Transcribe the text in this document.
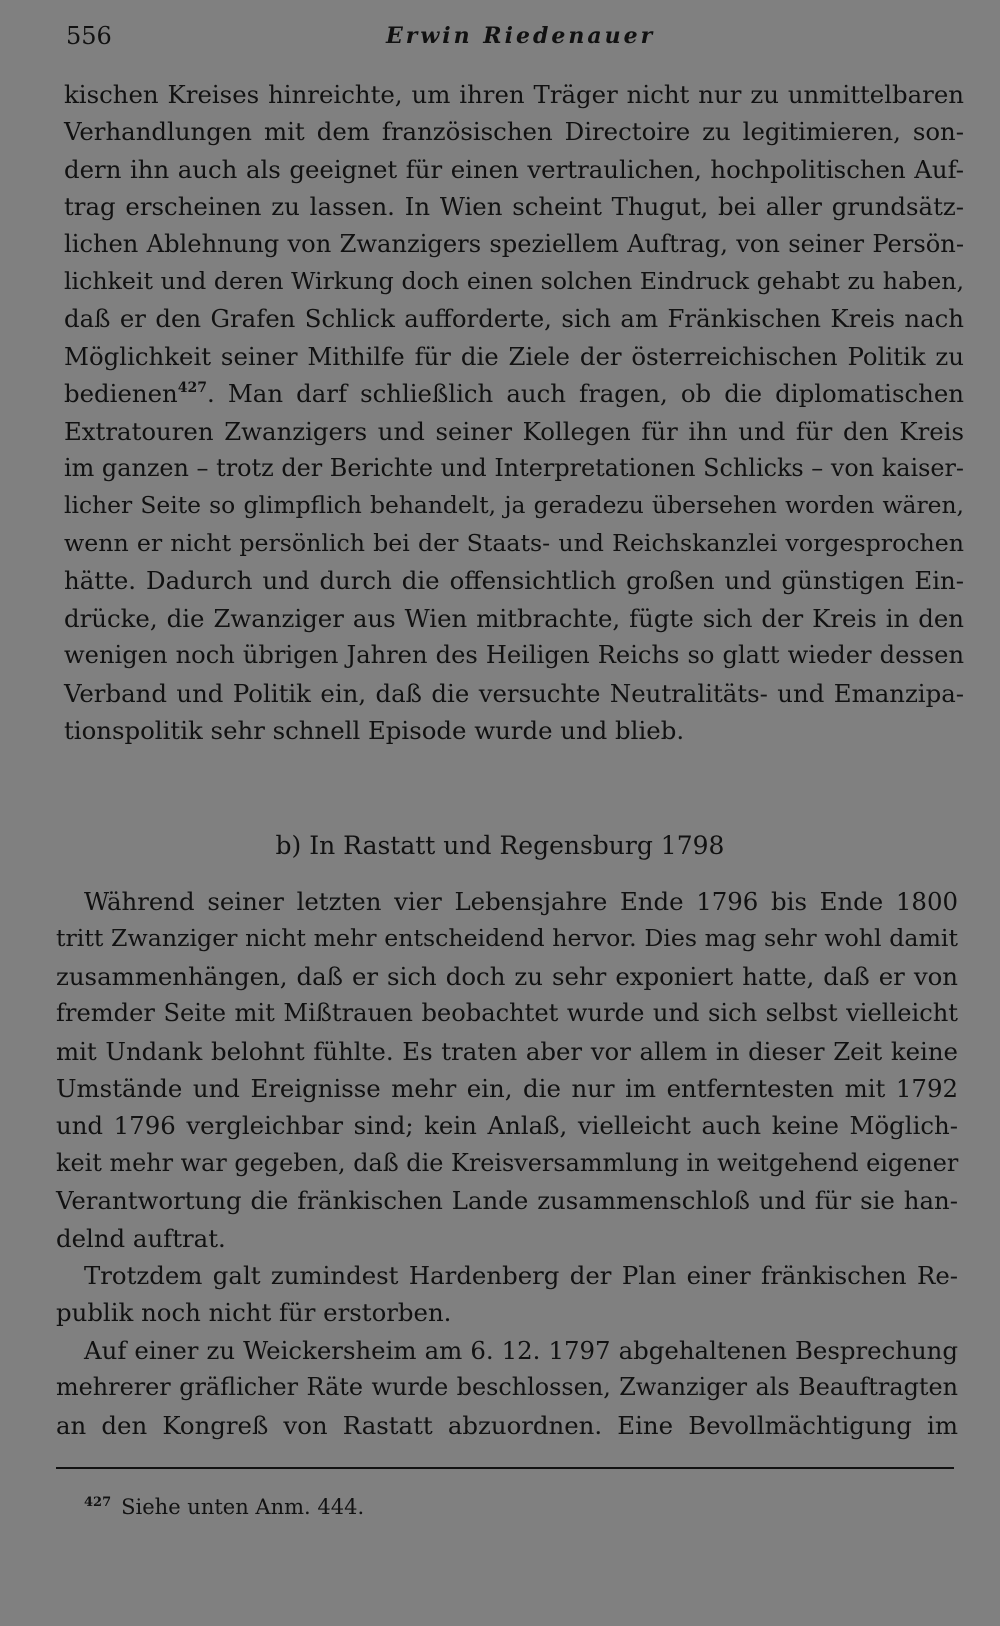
556	Erwin Riedenauer
kischen Kreises hinreichte, um ihren Träger nicht nur zu unmittelbaren
Verhandlungen mit dem französischen Directoire zu legitimieren, son-
dern ihn auch als geeignet für einen vertraulichen, hochpolitischen Auf-
trag erscheinen zu lassen. In Wien scheint Thugut, bei aller grundsätz-
lichen Ablehnung von Zwanzigers speziellem Auftrag, von seiner Persön-
lichkeit und deren Wirkung doch einen solchen Eindruck gehabt zu haben,
daß er den Grafen Schlick aufforderte, sich am Fränkischen Kreis nach
Möglichkeit seiner Mithilfe für die Ziele der österreichischen Politik zu
bedienen$^{427}$. Man darf schließlich auch fragen, ob die diplomatischen
Extratouren Zwanzigers und seiner Kollegen für ihn und für den Kreis
im ganzen – trotz der Berichte und Interpretationen Schlicks – von kaiser-
licher Seite so glimpflich behandelt, ja geradezu übersehen worden wären,
wenn er nicht persönlich bei der Staats- und Reichskanzlei vorgesprochen
hätte. Dadurch und durch die offensichtlich großen und günstigen Ein-
drücke, die Zwanziger aus Wien mitbrachte, fügte sich der Kreis in den
wenigen noch übrigen Jahren des Heiligen Reichs so glatt wieder dessen
Verband und Politik ein, daß die versuchte Neutralitäts- und Emanzipa-
tionspolitik sehr schnell Episode wurde und blieb.
b) In Rastatt und Regensburg 1798
Während seiner letzten vier Lebensjahre Ende 1796 bis Ende 1800
tritt Zwanziger nicht mehr entscheidend hervor. Dies mag sehr wohl damit
zusammenhängen, daß er sich doch zu sehr exponiert hatte, daß er von
fremder Seite mit Mißtrauen beobachtet wurde und sich selbst vielleicht
mit Undank belohnt fühlte. Es traten aber vor allem in dieser Zeit keine
Umstände und Ereignisse mehr ein, die nur im entferntesten mit 1792
und 1796 vergleichbar sind; kein Anlaß, vielleicht auch keine Möglich-
keit mehr war gegeben, daß die Kreisversammlung in weitgehend eigener
Verantwortung die fränkischen Lande zusammenschloß und für sie han-
delnd auftrat.
Trotzdem galt zumindest Hardenberg der Plan einer fränkischen Re-
publik noch nicht für erstorben.
Auf einer zu Weickersheim am 6. 12. 1797 abgehaltenen Besprechung
mehrerer gräflicher Räte wurde beschlossen, Zwanziger als Beauftragten
an den Kongreß von Rastatt abzuordnen. Eine Bevollmächtigung im
$^{427}$ Siehe unten Anm. 444.
